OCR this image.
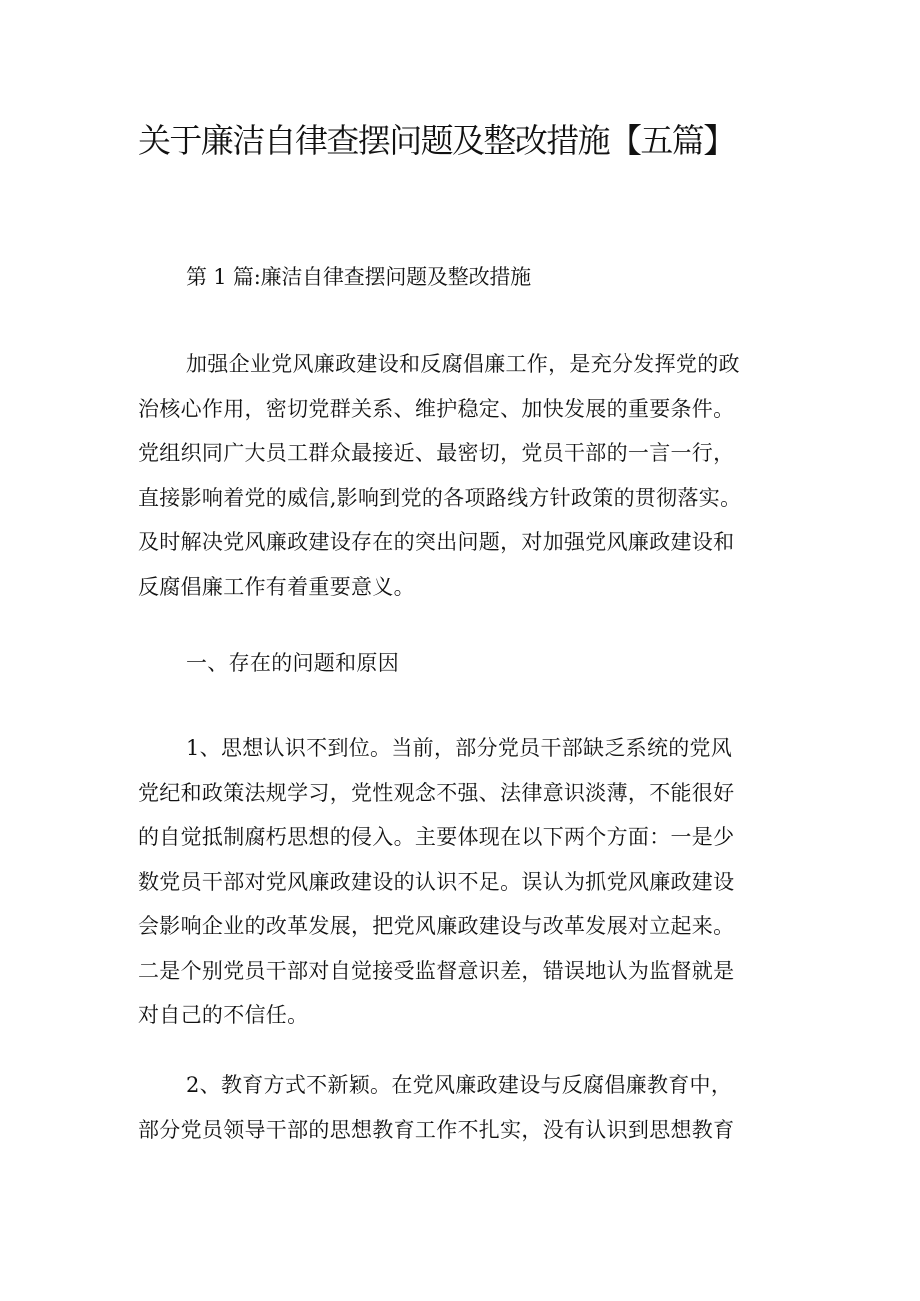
关于廉洁自律查摆问题及整改措施【五篇】

第 1 篇:廉洁自律查摆问题及整改措施

加强企业党风廉政建设和反腐倡廉工作，是充分发挥党的政
治核心作用，密切党群关系、维护稳定、加快发展的重要条件。
党组织同广大员工群众最接近、最密切，党员干部的一言一行，
直接影响着党的威信,影响到党的各项路线方针政策的贯彻落实。
及时解决党风廉政建设存在的突出问题，对加强党风廉政建设和
反腐倡廉工作有着重要意义。

一、存在的问题和原因

1、思想认识不到位。当前，部分党员干部缺乏系统的党风
党纪和政策法规学习，党性观念不强、法律意识淡薄，不能很好
的自觉抵制腐朽思想的侵入。主要体现在以下两个方面：一是少
数党员干部对党风廉政建设的认识不足。误认为抓党风廉政建设
会影响企业的改革发展，把党风廉政建设与改革发展对立起来。
二是个别党员干部对自觉接受监督意识差，错误地认为监督就是
对自己的不信任。
2、教育方式不新颖。在党风廉政建设与反腐倡廉教育中，
部分党员领导干部的思想教育工作不扎实，没有认识到思想教育
